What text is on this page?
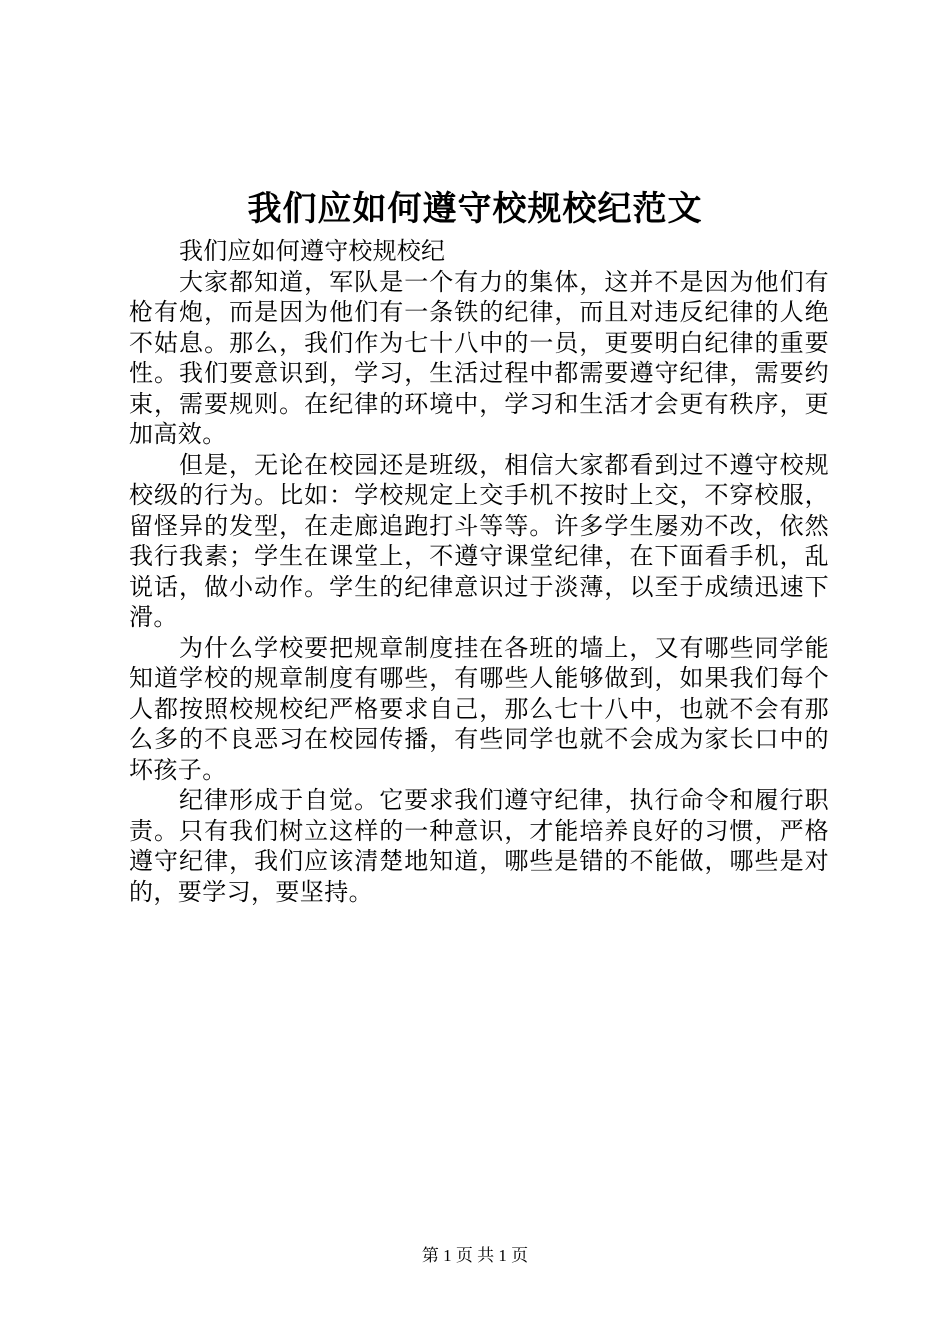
我们应如何遵守校规校纪范文

我们应如何遵守校规校纪

大家都知道，军队是一个有力的集体，这并不是因为他们有枪有炮，而是因为他们有一条铁的纪律，而且对违反纪律的人绝不姑息。那么，我们作为七十八中的一员，更要明白纪律的重要性。我们要意识到，学习，生活过程中都需要遵守纪律，需要约束，需要规则。在纪律的环境中，学习和生活才会更有秩序，更加高效。

但是，无论在校园还是班级，相信大家都看到过不遵守校规校级的行为。比如：学校规定上交手机不按时上交，不穿校服，留怪异的发型，在走廊追跑打斗等等。许多学生屡劝不改，依然我行我素；学生在课堂上，不遵守课堂纪律，在下面看手机，乱说话，做小动作。学生的纪律意识过于淡薄，以至于成绩迅速下滑。

为什么学校要把规章制度挂在各班的墙上，又有哪些同学能知道学校的规章制度有哪些，有哪些人能够做到，如果我们每个人都按照校规校纪严格要求自己，那么七十八中，也就不会有那么多的不良恶习在校园传播，有些同学也就不会成为家长口中的坏孩子。

纪律形成于自觉。它要求我们遵守纪律，执行命令和履行职责。只有我们树立这样的一种意识，才能培养良好的习惯，严格遵守纪律，我们应该清楚地知道，哪些是错的不能做，哪些是对的，要学习，要坚持。

第 1 页 共 1 页
